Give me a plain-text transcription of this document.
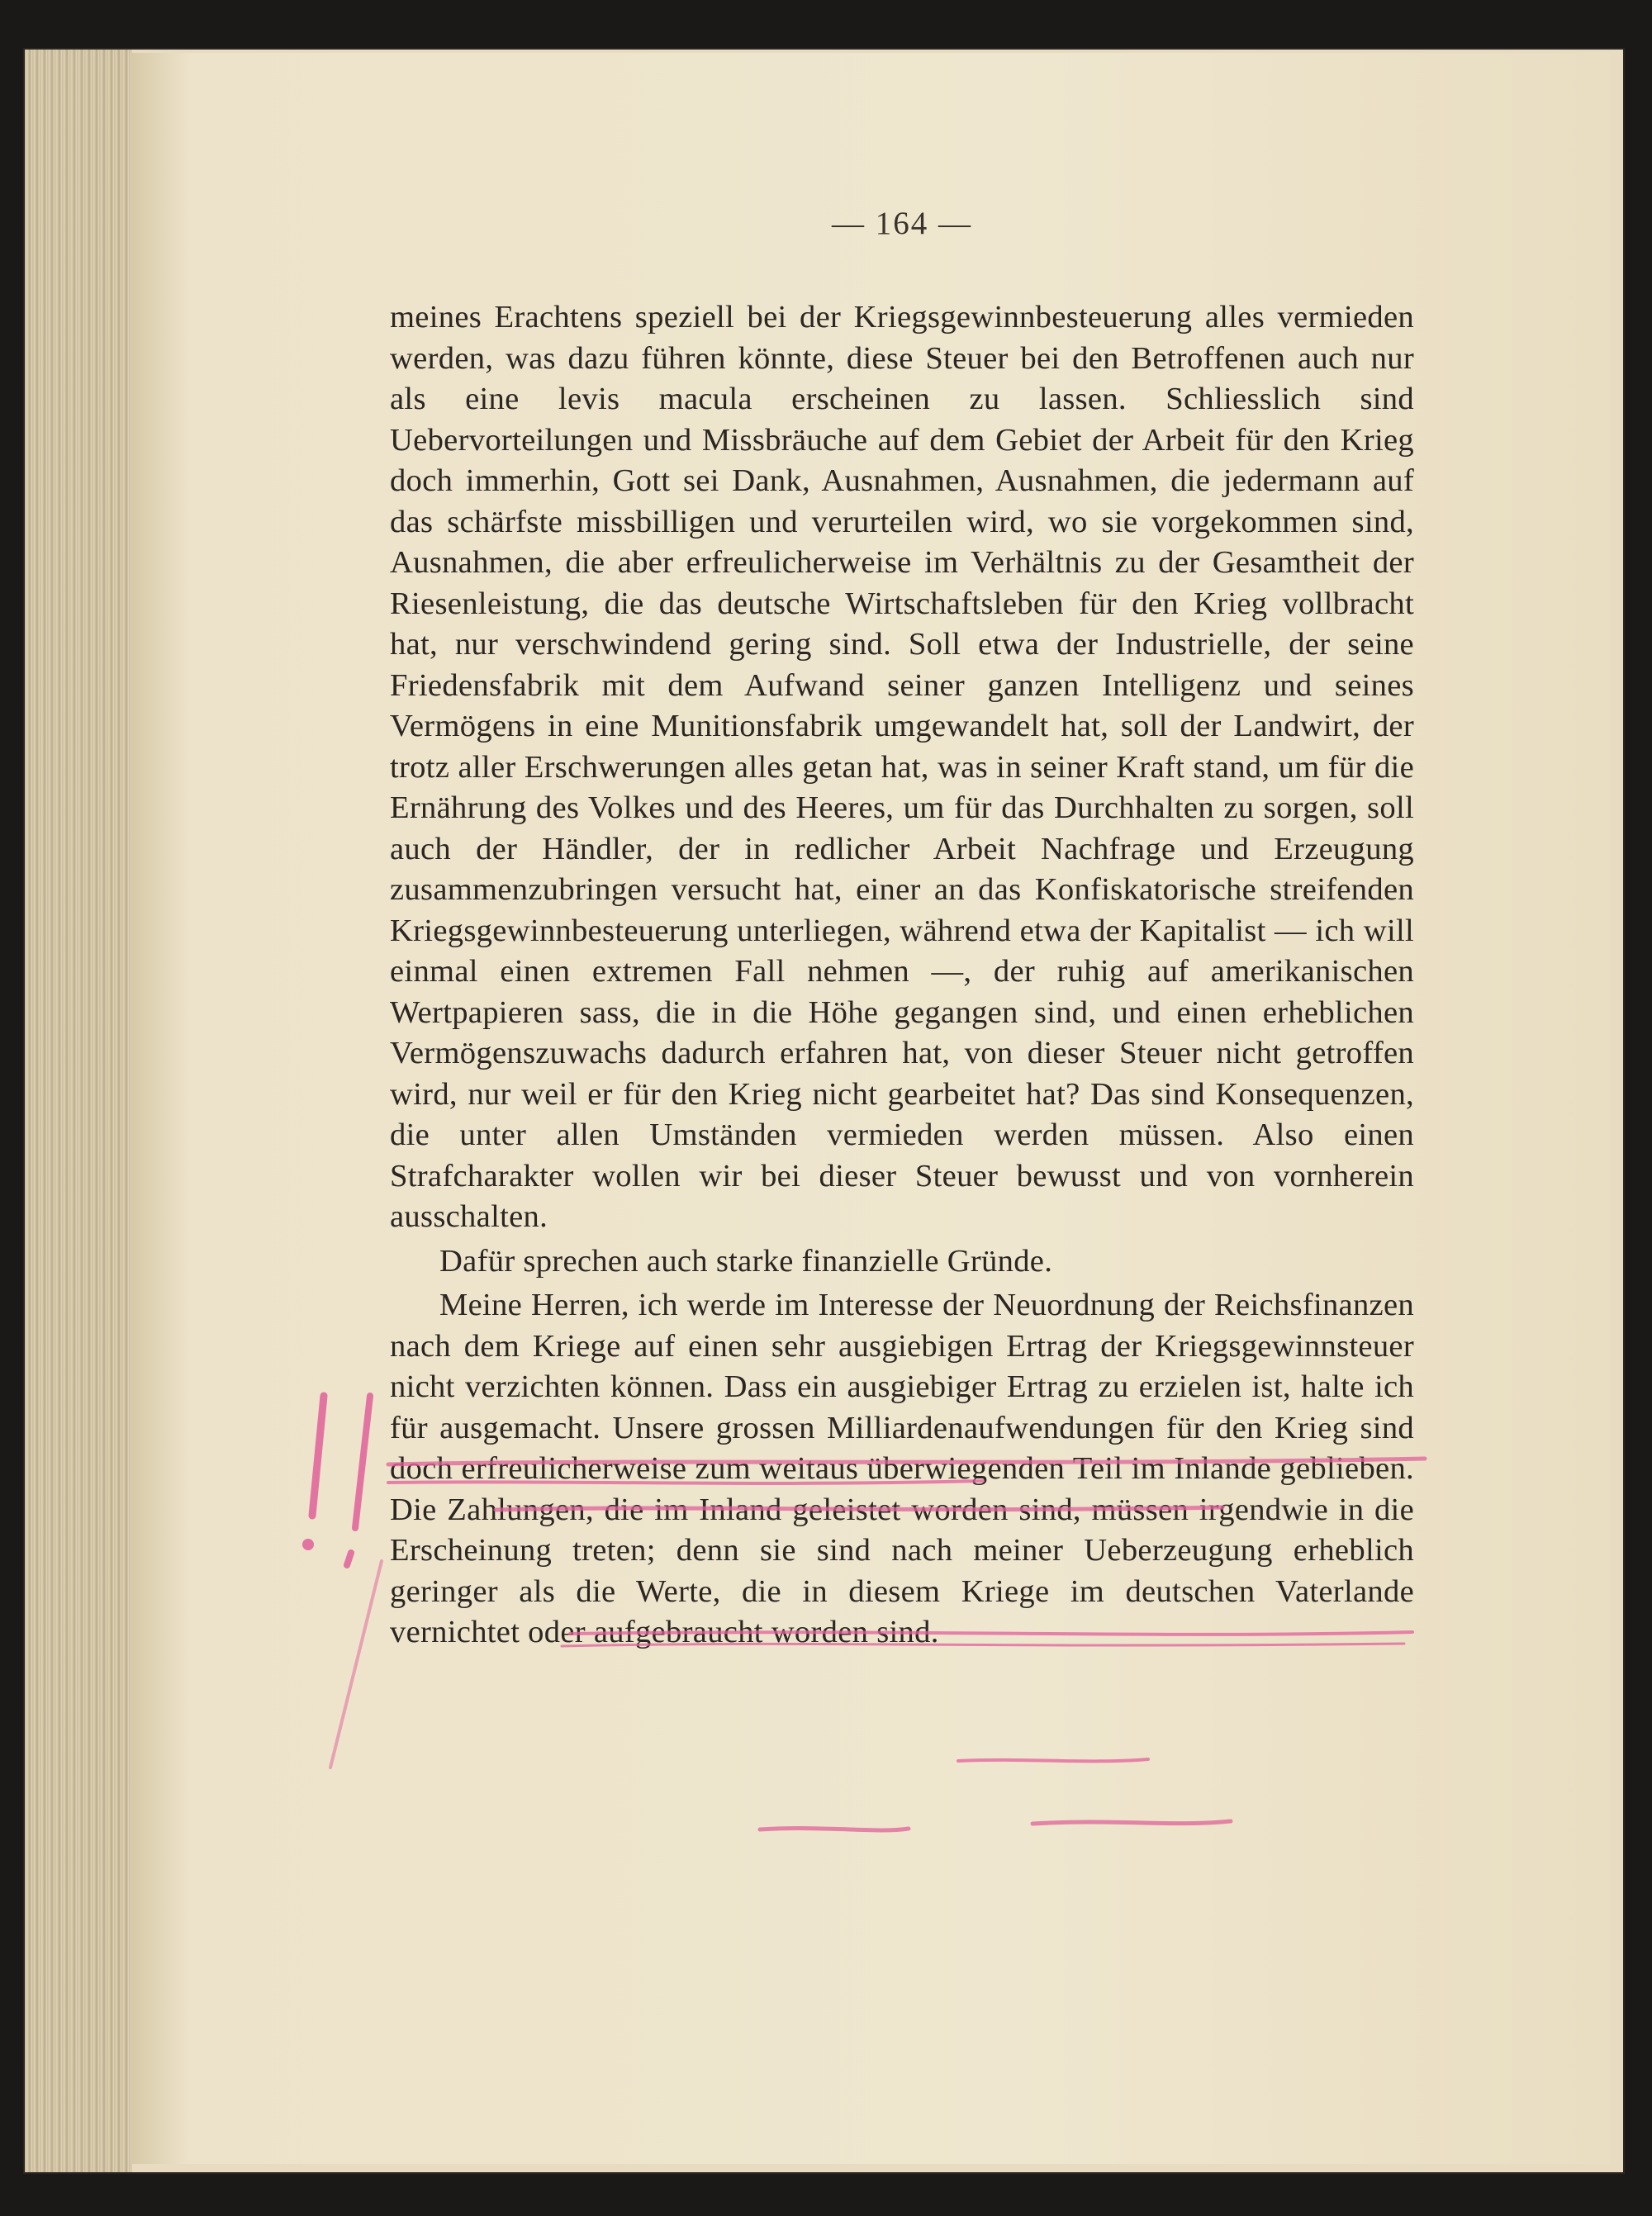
— 164 —

meines Erachtens speziell bei der Kriegsgewinnbesteuerung alles vermieden werden, was dazu führen könnte, diese Steuer bei den Betroffenen auch nur als eine levis macula erscheinen zu lassen. Schliesslich sind Uebervorteilungen und Missbräuche auf dem Gebiet der Arbeit für den Krieg doch immerhin, Gott sei Dank, Ausnahmen, Ausnahmen, die jedermann auf das schärfste missbilligen und verurteilen wird, wo sie vorgekommen sind, Ausnahmen, die aber erfreulicherweise im Verhältnis zu der Gesamtheit der Riesenleistung, die das deutsche Wirtschaftsleben für den Krieg vollbracht hat, nur verschwindend gering sind. Soll etwa der Industrielle, der seine Friedensfabrik mit dem Aufwand seiner ganzen Intelligenz und seines Vermögens in eine Munitionsfabrik umgewandelt hat, soll der Landwirt, der trotz aller Erschwerungen alles getan hat, was in seiner Kraft stand, um für die Ernährung des Volkes und des Heeres, um für das Durchhalten zu sorgen, soll auch der Händler, der in redlicher Arbeit Nachfrage und Erzeugung zusammenzubringen versucht hat, einer an das Konfiskatorische streifenden Kriegsgewinnbesteuerung unterliegen, während etwa der Kapitalist — ich will einmal einen extremen Fall nehmen —, der ruhig auf amerikanischen Wertpapieren sass, die in die Höhe gegangen sind, und einen erheblichen Vermögenszuwachs dadurch erfahren hat, von dieser Steuer nicht getroffen wird, nur weil er für den Krieg nicht gearbeitet hat? Das sind Konsequenzen, die unter allen Umständen vermieden werden müssen. Also einen Strafcharakter wollen wir bei dieser Steuer bewusst und von vornherein ausschalten.

Dafür sprechen auch starke finanzielle Gründe.

Meine Herren, ich werde im Interesse der Neuordnung der Reichsfinanzen nach dem Kriege auf einen sehr ausgiebigen Ertrag der Kriegsgewinnsteuer nicht verzichten können. Dass ein ausgiebiger Ertrag zu erzielen ist, halte ich für ausgemacht. Unsere grossen Milliardenaufwendungen für den Krieg sind doch erfreulicherweise zum weitaus überwiegenden Teil im Inlande geblieben. Die Zahlungen, die im Inland geleistet worden sind, müssen irgendwie in die Erscheinung treten; denn sie sind nach meiner Ueberzeugung erheblich geringer als die Werte, die in diesem Kriege im deutschen Vaterlande vernichtet oder aufgebraucht worden sind.
